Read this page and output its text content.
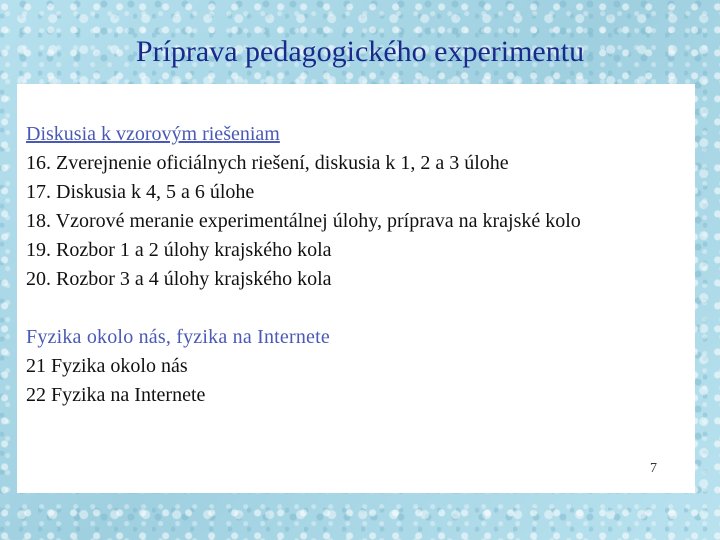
Príprava pedagogického experimentu
Diskusia k vzorovým riešeniam
16. Zverejnenie oficiálnych riešení, diskusia k 1, 2 a 3 úlohe
17. Diskusia k 4, 5 a 6 úlohe
18. Vzorové meranie experimentálnej úlohy, príprava na krajské kolo
19. Rozbor 1 a 2 úlohy krajského kola
20. Rozbor 3 a 4 úlohy krajského kola
Fyzika okolo nás, fyzika na Internete
21 Fyzika okolo nás
22 Fyzika na Internete
7
